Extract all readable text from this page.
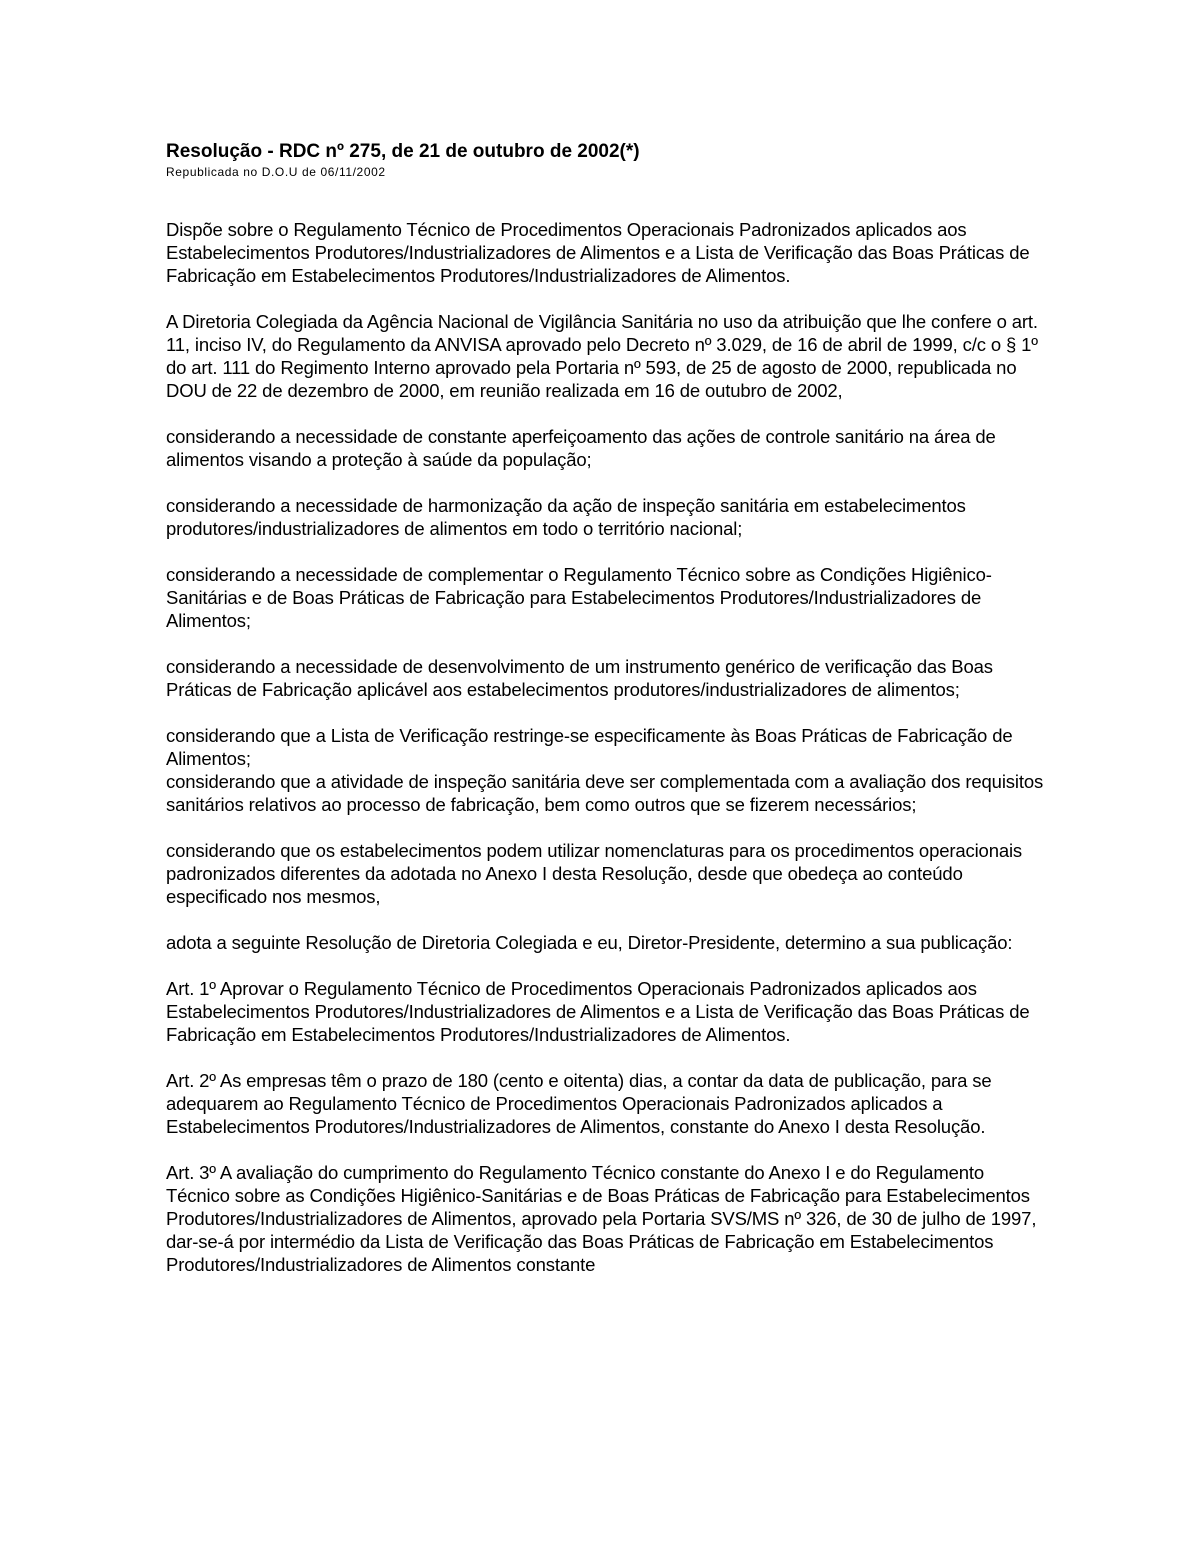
Resolução - RDC nº 275, de 21 de outubro de 2002(*)
Republicada no D.O.U de 06/11/2002

Dispõe sobre o Regulamento Técnico de Procedimentos Operacionais Padronizados aplicados aos Estabelecimentos Produtores/Industrializadores de Alimentos e a Lista de Verificação das Boas Práticas de Fabricação em Estabelecimentos Produtores/Industrializadores de Alimentos.

A Diretoria Colegiada da Agência Nacional de Vigilância Sanitária no uso da atribuição que lhe confere o art. 11, inciso IV, do Regulamento da ANVISA aprovado pelo Decreto nº 3.029, de 16 de abril de 1999, c/c o § 1º do art. 111 do Regimento Interno aprovado pela Portaria nº 593, de 25 de agosto de 2000, republicada no DOU de 22 de dezembro de 2000, em reunião realizada em 16 de outubro de 2002,

considerando a necessidade de constante aperfeiçoamento das ações de controle sanitário na área de alimentos visando a proteção à saúde da população;

considerando a necessidade de harmonização da ação de inspeção sanitária em estabelecimentos produtores/industrializadores de alimentos em todo o território nacional;

considerando a necessidade de complementar o Regulamento Técnico sobre as Condições Higiênico-Sanitárias e de Boas Práticas de Fabricação para Estabelecimentos Produtores/Industrializadores de Alimentos;

considerando a necessidade de desenvolvimento de um instrumento genérico de verificação das Boas Práticas de Fabricação aplicável aos estabelecimentos produtores/industrializadores de alimentos;

considerando que a Lista de Verificação restringe-se especificamente às Boas Práticas de Fabricação de Alimentos;

considerando que a atividade de inspeção sanitária deve ser complementada com a avaliação dos requisitos sanitários relativos ao processo de fabricação, bem como outros que se fizerem necessários;

considerando que os estabelecimentos podem utilizar nomenclaturas para os procedimentos operacionais padronizados diferentes da adotada no Anexo I desta Resolução, desde que obedeça ao conteúdo especificado nos mesmos,

adota a seguinte Resolução de Diretoria Colegiada e eu, Diretor-Presidente, determino a sua publicação:

Art. 1º Aprovar o Regulamento Técnico de Procedimentos Operacionais Padronizados aplicados aos Estabelecimentos Produtores/Industrializadores de Alimentos e a Lista de Verificação das Boas Práticas de Fabricação em Estabelecimentos Produtores/Industrializadores de Alimentos.

Art. 2º As empresas têm o prazo de 180 (cento e oitenta) dias, a contar da data de publicação, para se adequarem ao Regulamento Técnico de Procedimentos Operacionais Padronizados aplicados a Estabelecimentos Produtores/Industrializadores de Alimentos, constante do Anexo I desta Resolução.

Art. 3º A avaliação do cumprimento do Regulamento Técnico constante do Anexo I e do Regulamento Técnico sobre as Condições Higiênico-Sanitárias e de Boas Práticas de Fabricação para Estabelecimentos Produtores/Industrializadores de Alimentos, aprovado pela Portaria SVS/MS nº 326, de 30 de julho de 1997, dar-se-á por intermédio da Lista de Verificação das Boas Práticas de Fabricação em Estabelecimentos Produtores/Industrializadores de Alimentos constante
